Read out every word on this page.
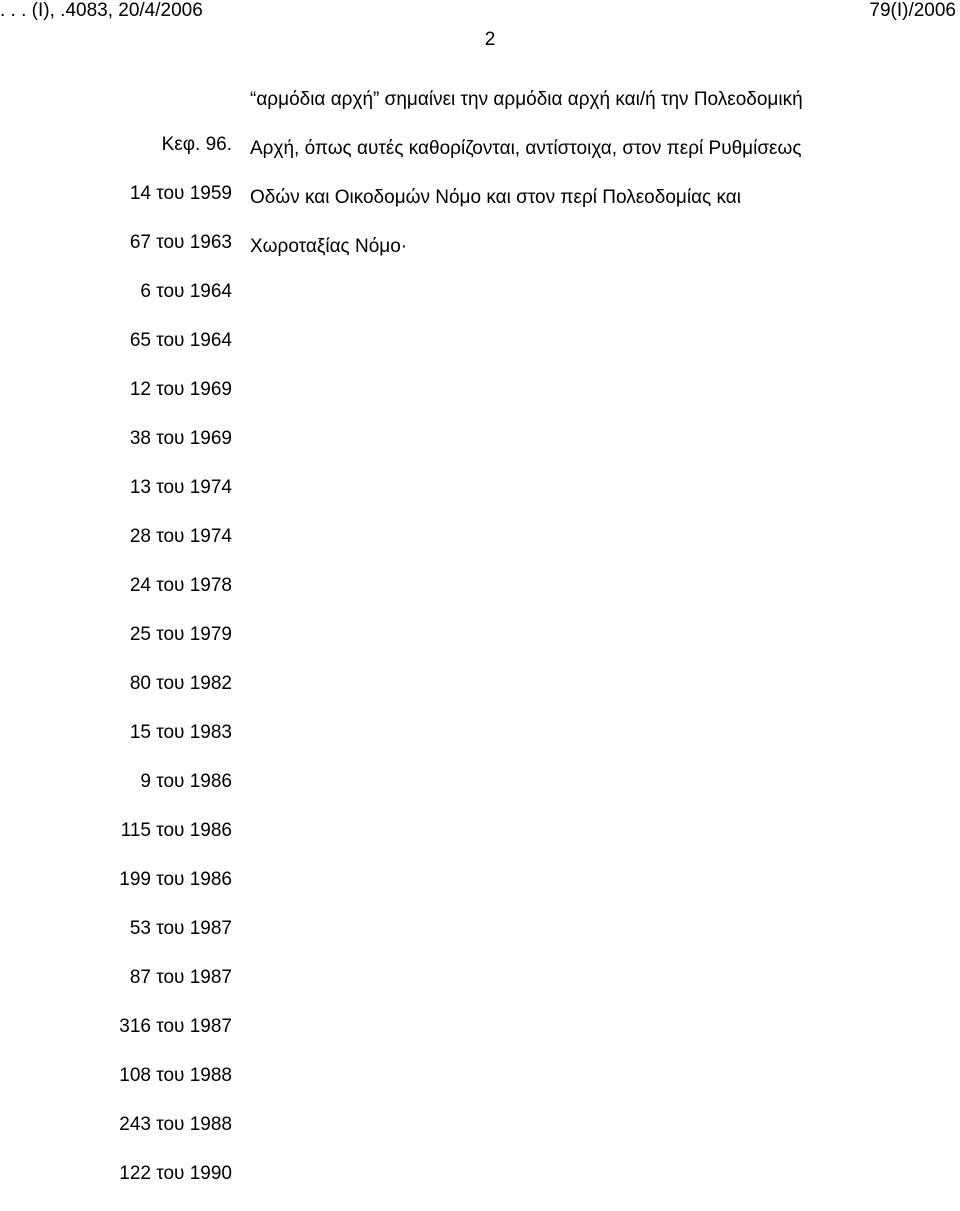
. . . (Ι), .4083, 20/4/2006	79(Ι)/2006
2
“αρμόδια αρχή” σημαίνει την αρμόδια αρχή και/ή την Πολεοδομική
Αρχή, όπως αυτές καθορίζονται, αντίστοιχα, στον περί Ρυθμίσεως
Οδών και Οικοδομών Νόμο και στον περί Πολεοδομίας και
Χωροταξίας Νόμο·
Κεφ. 96.
14 του 1959
67 του 1963
6 του 1964
65 του 1964
12 του 1969
38 του 1969
13 του 1974
28 του 1974
24 του 1978
25 του 1979
80 του 1982
15 του 1983
9 του 1986
115 του 1986
199 του 1986
53 του 1987
87 του 1987
316 του 1987
108 του 1988
243 του 1988
122 του 1990
